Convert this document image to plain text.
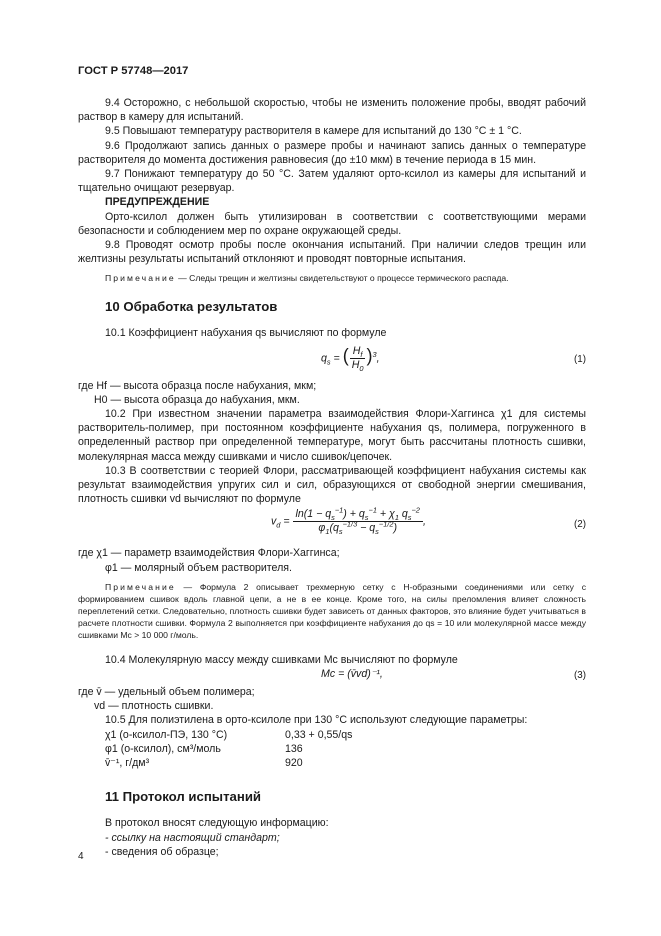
ГОСТ Р 57748—2017

9.4 Осторожно, с небольшой скоростью, чтобы не изменить положение пробы, вводят рабочий раствор в камеру для испытаний.

9.5 Повышают температуру растворителя в камере для испытаний до 130 °С ± 1 °С.

9.6 Продолжают запись данных о размере пробы и начинают запись данных о температуре растворителя до момента достижения равновесия (до ±10 мкм) в течение периода в 15 мин.

9.7 Понижают температуру до 50 °С. Затем удаляют орто-ксилол из камеры для испытаний и тщательно очищают резервуар.

ПРЕДУПРЕЖДЕНИЕ

Орто-ксилол должен быть утилизирован в соответствии с соответствующими мерами безопасности и соблюдением мер по охране окружающей среды.

9.8 Проводят осмотр пробы после окончания испытаний. При наличии следов трещин или желтизны результаты испытаний отклоняют и проводят повторные испытания.

Примечание — Следы трещин и желтизны свидетельствуют о процессе термического распада.

10 Обработка результатов

10.1 Коэффициент набухания qs вычисляют по формуле

$q_s$ = ( $\frac{H_f}{H_0} )^3$,	(1)

где Hf — высота образца после набухания, мкм;

H0 — высота образца до набухания, мкм.

10.2 При известном значении параметра взаимодействия Флори-Хаггинса χ1 для системы растворитель-полимер, при постоянном коэффициенте набухания qs, полимера, погруженного в определенный раствор при определенной температуре, могут быть рассчитаны плотность сшивки, молекулярная масса между сшивками и число сшивок/цепочек.

10.3 В соответствии с теорией Флори, рассматривающей коэффициент набухания системы как результат взаимодействия упругих сил и сил, образующихся от свободной энергии смешивания, плотность сшивки vd вычисляют по формуле

$v_d = \frac{\ln(1 - q_s^{-1}) + q_s^{-1} + \chi_1 q_s^{-2}}{\varphi_1(q_s^{-1/3} - q_s^{-1/2})}$ ,	(2)

где χ1 — параметр взаимодействия Флори-Хаггинса;

φ1 — молярный объем растворителя.

Примечание — Формула 2 описывает трехмерную сетку с Н-образными соединениями или сетку с формированием сшивок вдоль главной цепи, а не в ее конце. Кроме того, на силы преломления влияет сложность переплетений сетки. Следовательно, плотность сшивки будет зависеть от данных факторов, это влияние будет учитываться в расчете плотности сшивки. Формула 2 выполняется при коэффициенте набухания до qs = 10 или молекулярной массе между сшивками Mc > 10 000 г/моль.

10.4 Молекулярную массу между сшивками Mc вычисляют по формуле

Mc = (v̄vd)⁻¹,	(3)

где v̄ — удельный объем полимера;

vd — плотность сшивки.

10.5 Для полиэтилена в орто-ксилоле при 130 °С используют следующие параметры:

χ1 (о-ксилол-ПЭ, 130 °С)	0,33 + 0,55/qs
φ1 (о-ксилол), см³/моль	136
v̄⁻¹, г/дм³	920
11 Протокол испытаний

В протокол вносят следующую информацию:

- ссылку на настоящий стандарт;

- сведения об образце;

4
